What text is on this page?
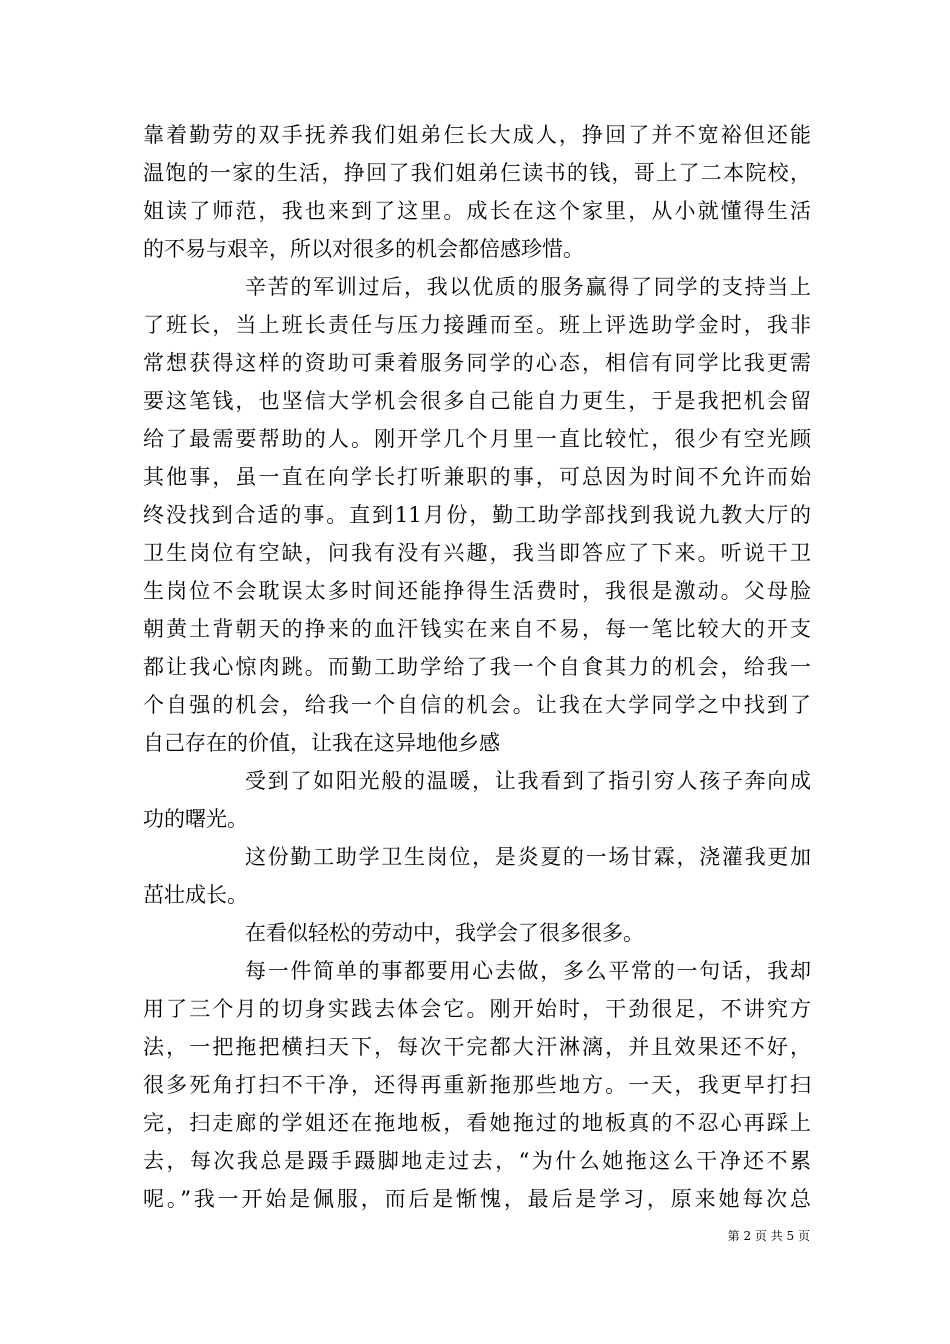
靠着勤劳的双手抚养我们姐弟仨长大成人，挣回了并不宽裕但还能
温饱的一家的生活，挣回了我们姐弟仨读书的钱，哥上了二本院校，
姐读了师范，我也来到了这里。成长在这个家里，从小就懂得生活
的不易与艰辛，所以对很多的机会都倍感珍惜。
辛苦的军训过后，我以优质的服务赢得了同学的支持当上
了班长，当上班长责任与压力接踵而至。班上评选助学金时，我非
常想获得这样的资助可秉着服务同学的心态，相信有同学比我更需
要这笔钱，也坚信大学机会很多自己能自力更生，于是我把机会留
给了最需要帮助的人。刚开学几个月里一直比较忙，很少有空光顾
其他事，虽一直在向学长打听兼职的事，可总因为时间不允许而始
终没找到合适的事。直到11月份，勤工助学部找到我说九教大厅的
卫生岗位有空缺，问我有没有兴趣，我当即答应了下来。听说干卫
生岗位不会耽误太多时间还能挣得生活费时，我很是激动。父母脸
朝黄土背朝天的挣来的血汗钱实在来自不易，每一笔比较大的开支
都让我心惊肉跳。而勤工助学给了我一个自食其力的机会，给我一
个自强的机会，给我一个自信的机会。让我在大学同学之中找到了
自己存在的价值，让我在这异地他乡感
受到了如阳光般的温暖，让我看到了指引穷人孩子奔向成
功的曙光。
这份勤工助学卫生岗位，是炎夏的一场甘霖，浇灌我更加
茁壮成长。
在看似轻松的劳动中，我学会了很多很多。
每一件简单的事都要用心去做，多么平常的一句话，我却
用了三个月的切身实践去体会它。刚开始时，干劲很足，不讲究方
法，一把拖把横扫天下，每次干完都大汗淋漓，并且效果还不好，
很多死角打扫不干净，还得再重新拖那些地方。一天，我更早打扫
完，扫走廊的学姐还在拖地板，看她拖过的地板真的不忍心再踩上
去，每次我总是蹑手蹑脚地走过去，“为什么她拖这么干净还不累
呢。”我一开始是佩服，而后是惭愧，最后是学习，原来她每次总
第 2 页 共 5 页
